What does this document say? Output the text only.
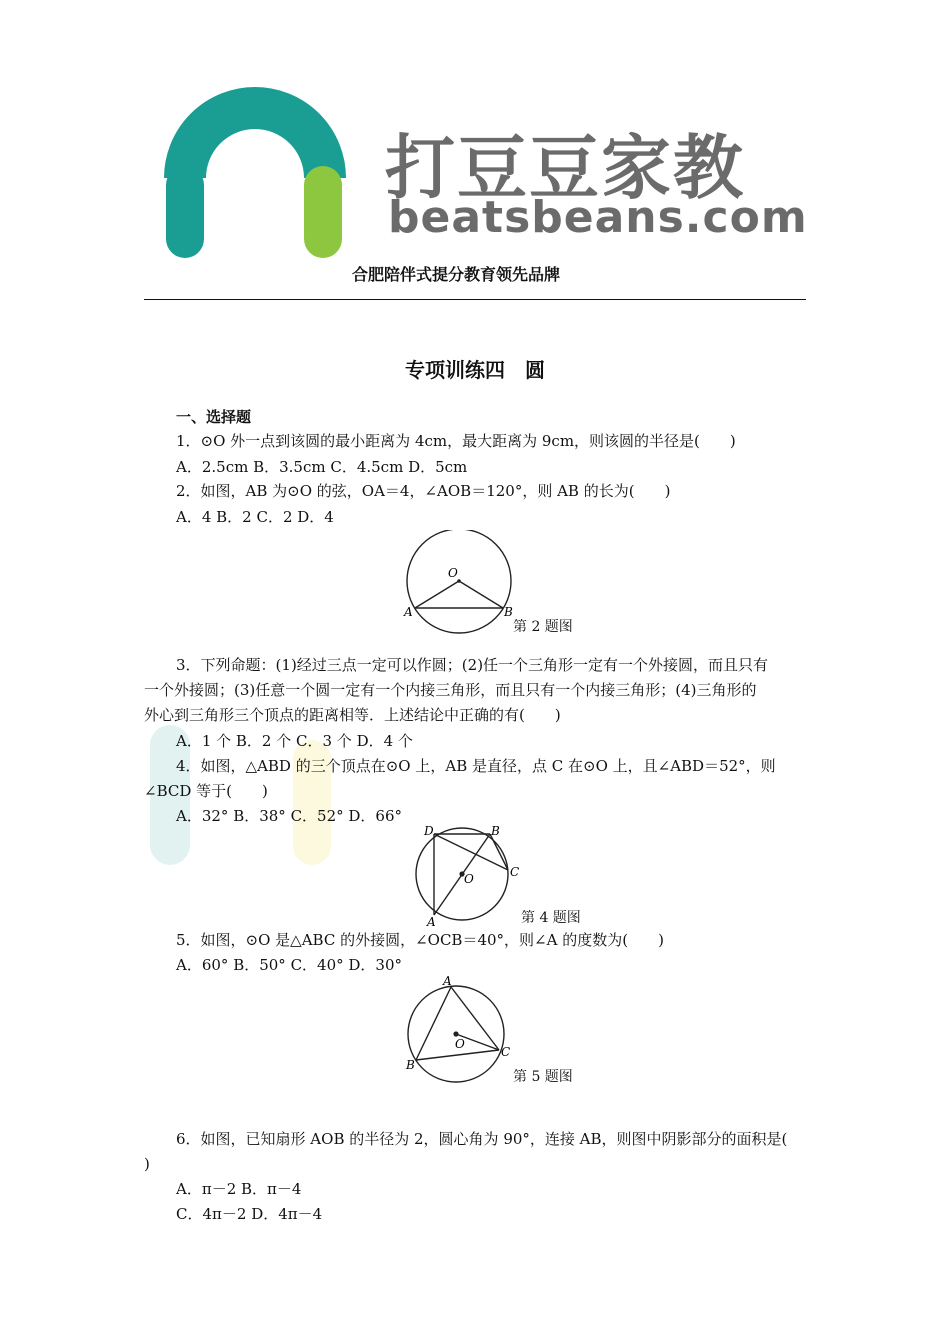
打豆豆家教
beatsbeans.com
合肥陪伴式提分教育领先品牌
专项训练四　圆
一、选择题
1．⊙O 外一点到该圆的最小距离为 4cm，最大距离为 9cm，则该圆的半径是(　　)
A．2.5cm B．3.5cm C．4.5cm D．5cm
2．如图，AB 为⊙O 的弦，OA＝4，∠AOB＝120°，则 AB 的长为(　　)
A．4 B．2 C．2 D．4
O
A	B
第 2 题图
3．下列命题：(1)经过三点一定可以作圆；(2)任一个三角形一定有一个外接圆，而且只有
一个外接圆；(3)任意一个圆一定有一个内接三角形，而且只有一个内接三角形；(4)三角形的
外心到三角形三个顶点的距离相等．上述结论中正确的有(　　)
A．1 个 B．2 个 C．3 个 D．4 个
4．如图，△ABD 的三个顶点在⊙O 上，AB 是直径，点 C 在⊙O 上，且∠ABD＝52°，则
∠BCD 等于(　　)
A．32° B．38° C．52° D．66°
D	B
C
O
A	第 4 题图
5．如图，⊙O 是△ABC 的外接圆，∠OCB＝40°，则∠A 的度数为(　　)
A．60° B．50° C．40° D．30°
A
O
B
C
第 5 题图
6．如图，已知扇形 AOB 的半径为 2，圆心角为 90°，连接 AB，则图中阴影部分的面积是(
)
A．π－2 B．π－4
C．4π－2 D．4π－4
